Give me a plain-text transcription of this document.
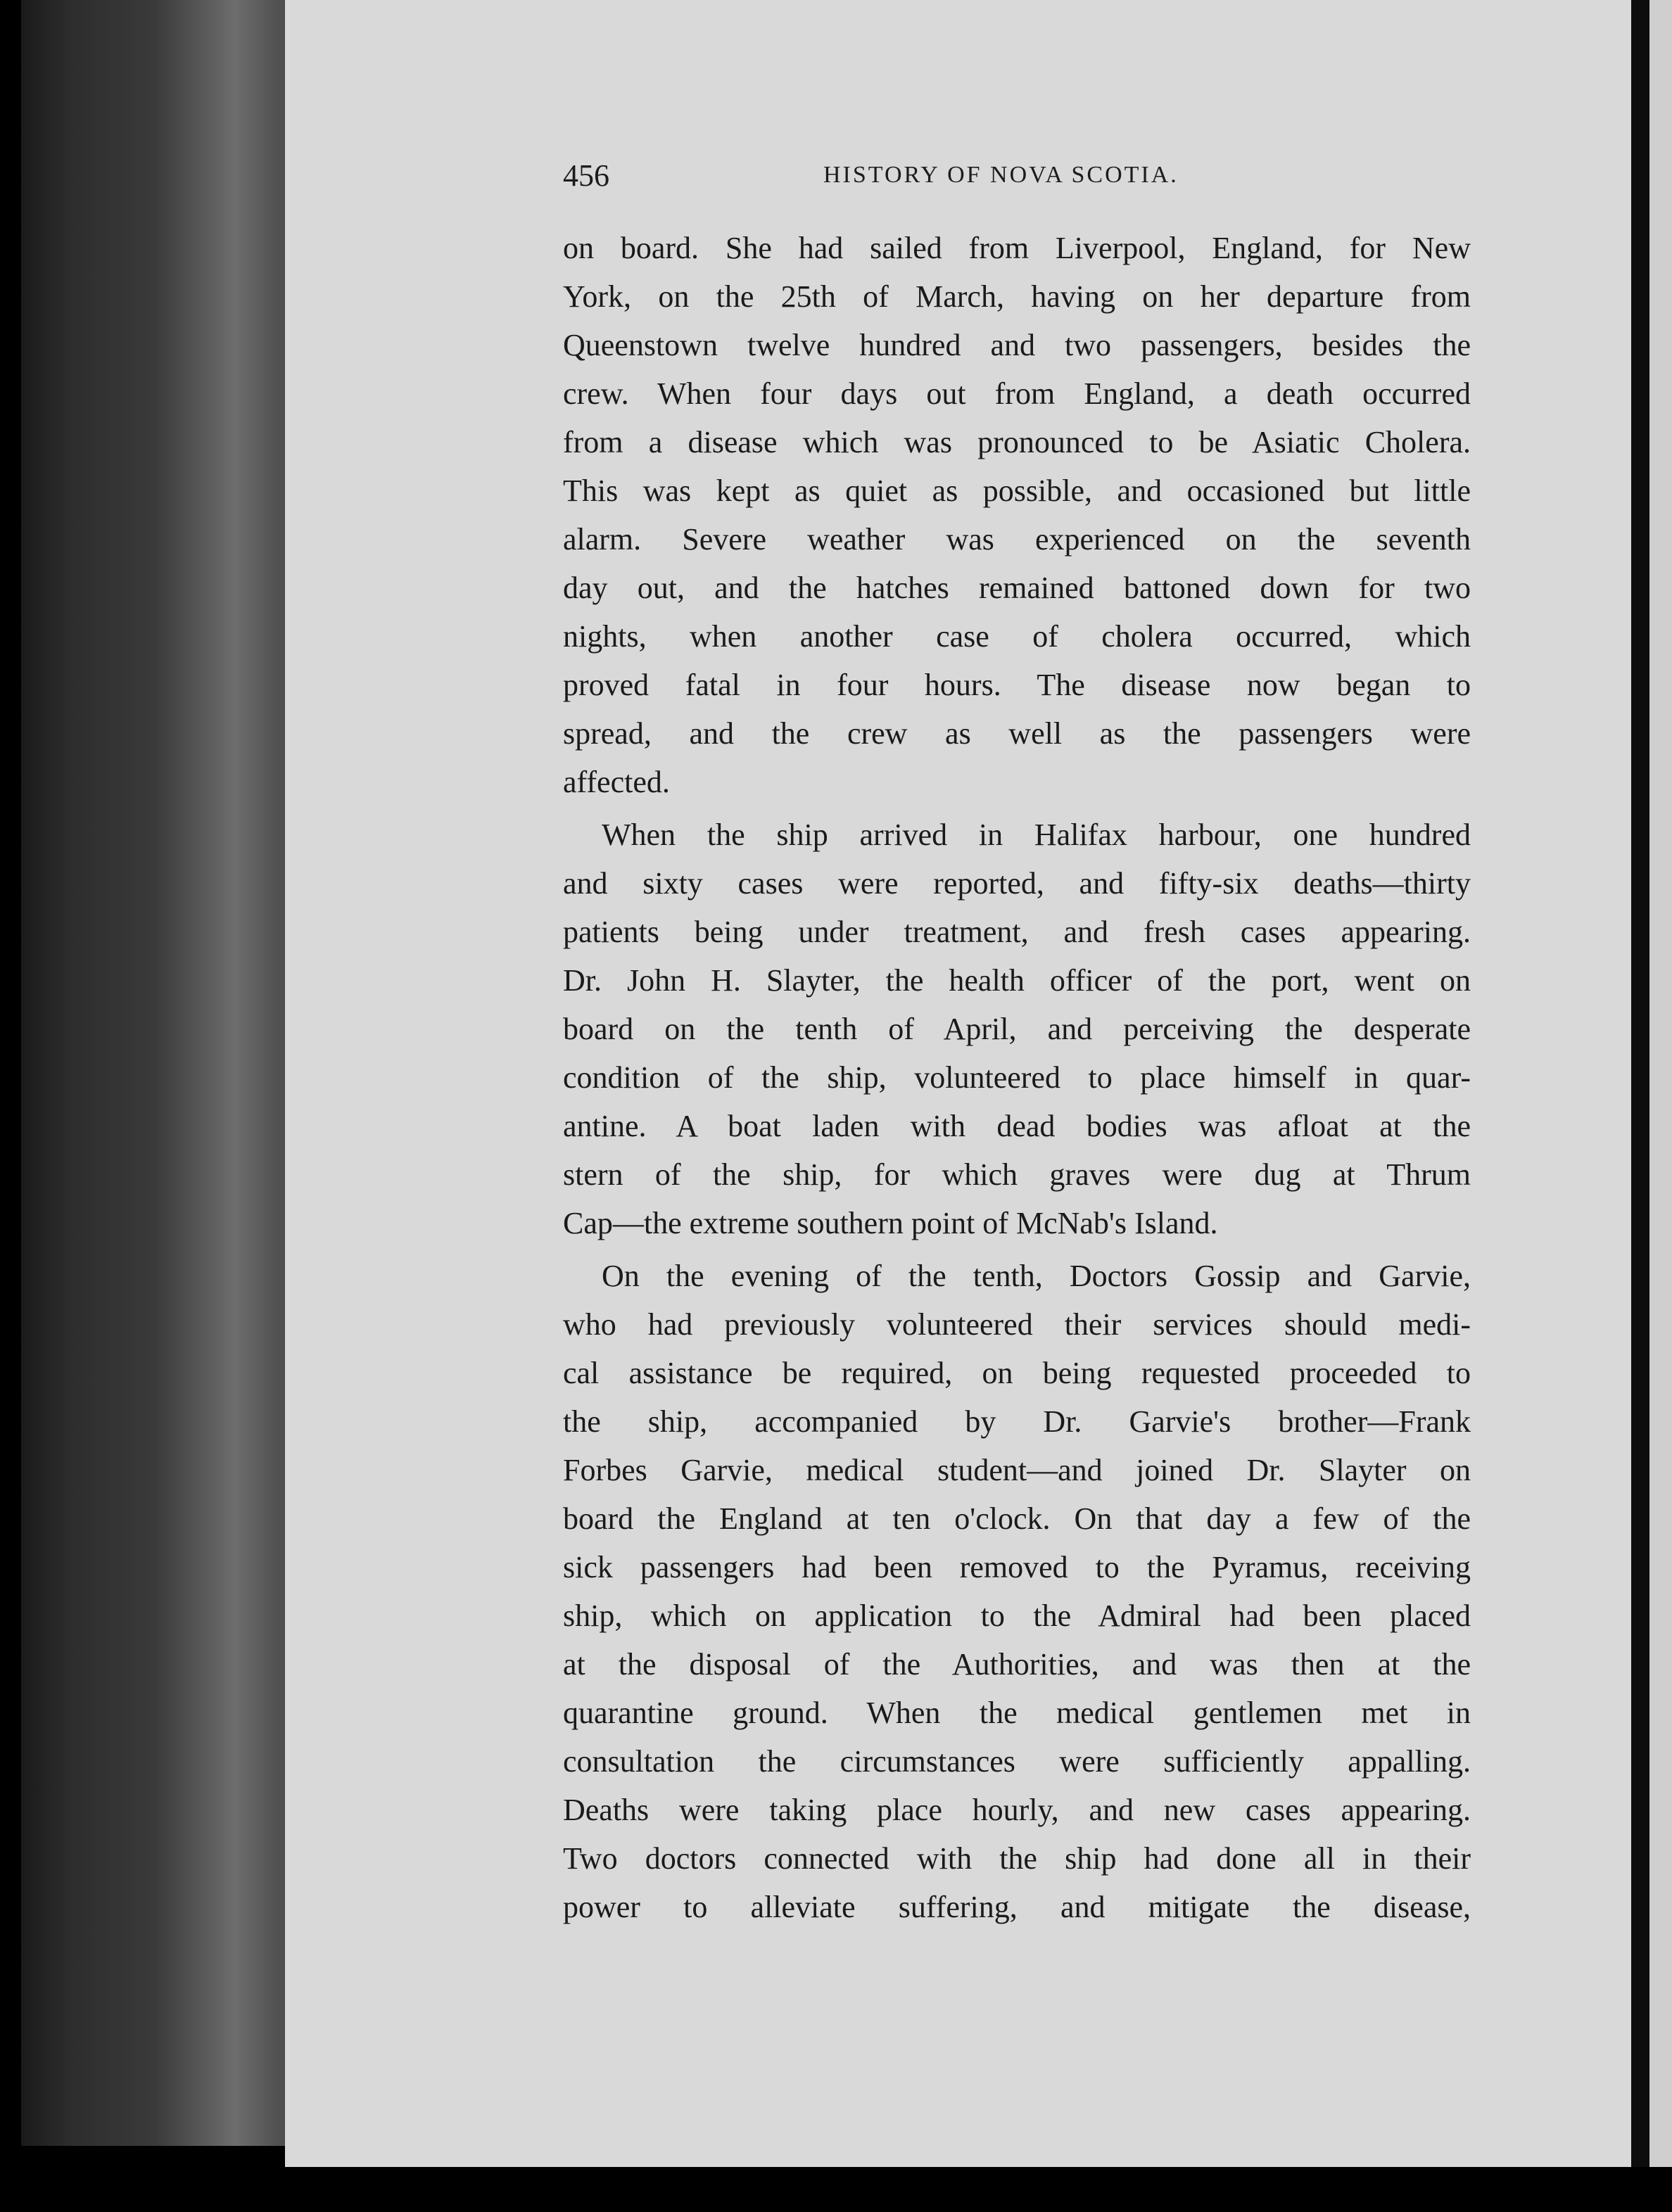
456	HISTORY OF NOVA SCOTIA.
on board. She had sailed from Liverpool, England, for New
York, on the 25th of March, having on her departure from
Queenstown twelve hundred and two passengers, besides the
crew. When four days out from England, a death occurred
from a disease which was pronounced to be Asiatic Cholera.
This was kept as quiet as possible, and occasioned but little
alarm. Severe weather was experienced on the seventh
day out, and the hatches remained battoned down for two
nights, when another case of cholera occurred, which
proved fatal in four hours. The disease now began to
spread, and the crew as well as the passengers were
affected.
When the ship arrived in Halifax harbour, one hundred
and sixty cases were reported, and fifty-six deaths—thirty
patients being under treatment, and fresh cases appearing.
Dr. John H. Slayter, the health officer of the port, went on
board on the tenth of April, and perceiving the desperate
condition of the ship, volunteered to place himself in quar-
antine. A boat laden with dead bodies was afloat at the
stern of the ship, for which graves were dug at Thrum
Cap—the extreme southern point of McNab's Island.
On the evening of the tenth, Doctors Gossip and Garvie,
who had previously volunteered their services should medi-
cal assistance be required, on being requested proceeded to
the ship, accompanied by Dr. Garvie's brother—Frank
Forbes Garvie, medical student—and joined Dr. Slayter on
board the England at ten o'clock. On that day a few of the
sick passengers had been removed to the Pyramus, receiving
ship, which on application to the Admiral had been placed
at the disposal of the Authorities, and was then at the
quarantine ground. When the medical gentlemen met in
consultation the circumstances were sufficiently appalling.
Deaths were taking place hourly, and new cases appearing.
Two doctors connected with the ship had done all in their
power to alleviate suffering, and mitigate the disease,
